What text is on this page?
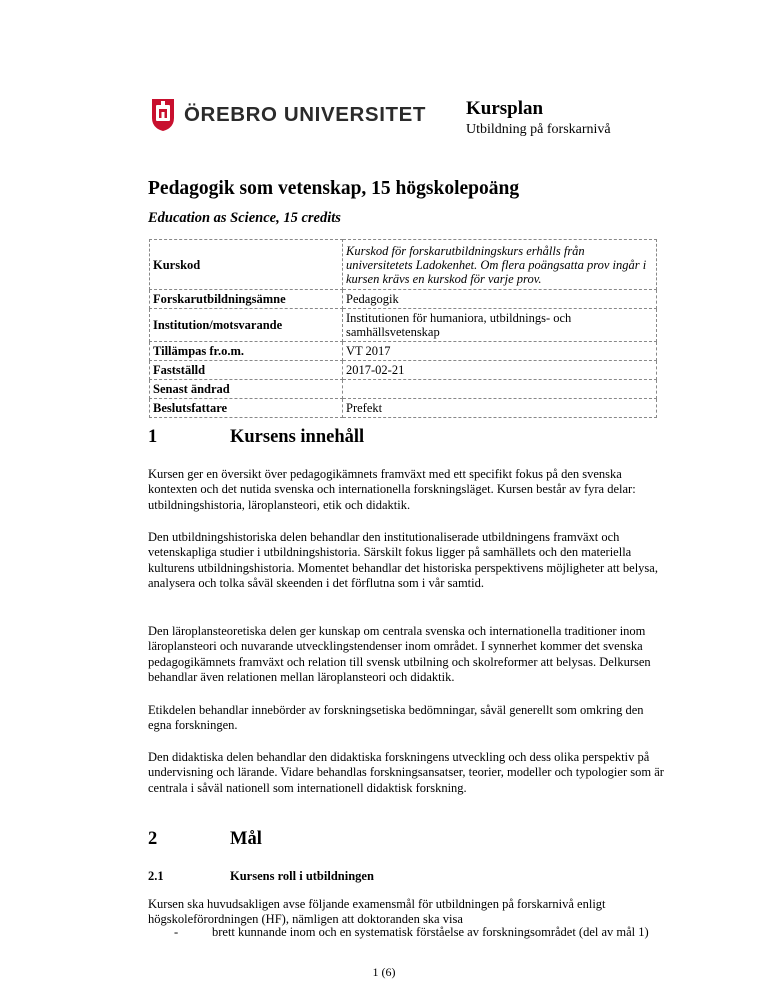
ÖREBRO UNIVERSITET Kursplan
Utbildning på forskarnivå
Pedagogik som vetenskap, 15 högskolepoäng
Education as Science, 15 credits
Kurskod	Kurskod för forskarutbildningskurs erhålls från universitetets Ladokenhet. Om flera poängsatta prov ingår i kursen krävs en kurskod för varje prov.
Forskarutbildningsämne	Pedagogik
Institution/motsvarande	Institutionen för humaniora, utbildnings- och samhällsvetenskap
Tillämpas fr.o.m.	VT 2017
Fastställd	2017-02-21
Senast ändrad	
Beslutsfattare	Prefekt
1	Kursens innehåll
Kursen ger en översikt över pedagogikämnets framväxt med ett specifikt fokus på den svenska kontexten och det nutida svenska och internationella forskningsläget. Kursen består av fyra delar: utbildningshistoria, läroplansteori, etik och didaktik.
Den utbildningshistoriska delen behandlar den institutionaliserade utbildningens framväxt och vetenskapliga studier i utbildningshistoria. Särskilt fokus ligger på samhällets och den materiella kulturens utbildningshistoria. Momentet behandlar det historiska perspektivens möjligheter att belysa, analysera och tolka såväl skeenden i det förflutna som i vår samtid.
Den läroplansteoretiska delen ger kunskap om centrala svenska och internationella traditioner inom läroplansteori och nuvarande utvecklingstendenser inom området. I synnerhet kommer det svenska pedagogikämnets framväxt och relation till svensk utbilning och skolreformer att belysas. Delkursen behandlar även relationen mellan läroplansteori och didaktik.
Etikdelen behandlar innebörder av forskningsetiska bedömningar, såväl generellt som omkring den egna forskningen.
Den didaktiska delen behandlar den didaktiska forskningens utveckling och dess olika perspektiv på undervisning och lärande. Vidare behandlas forskningsansatser, teorier, modeller och typologier som är centrala i såväl nationell som internationell didaktisk forskning.
2	Mål
2.1	Kursens roll i utbildningen
Kursen ska huvudsakligen avse följande examensmål för utbildningen på forskarnivå enligt högskoleförordningen (HF), nämligen att doktoranden ska visa
-	brett kunnande inom och en systematisk förståelse av forskningsområdet (del av mål 1)
1 (6)
